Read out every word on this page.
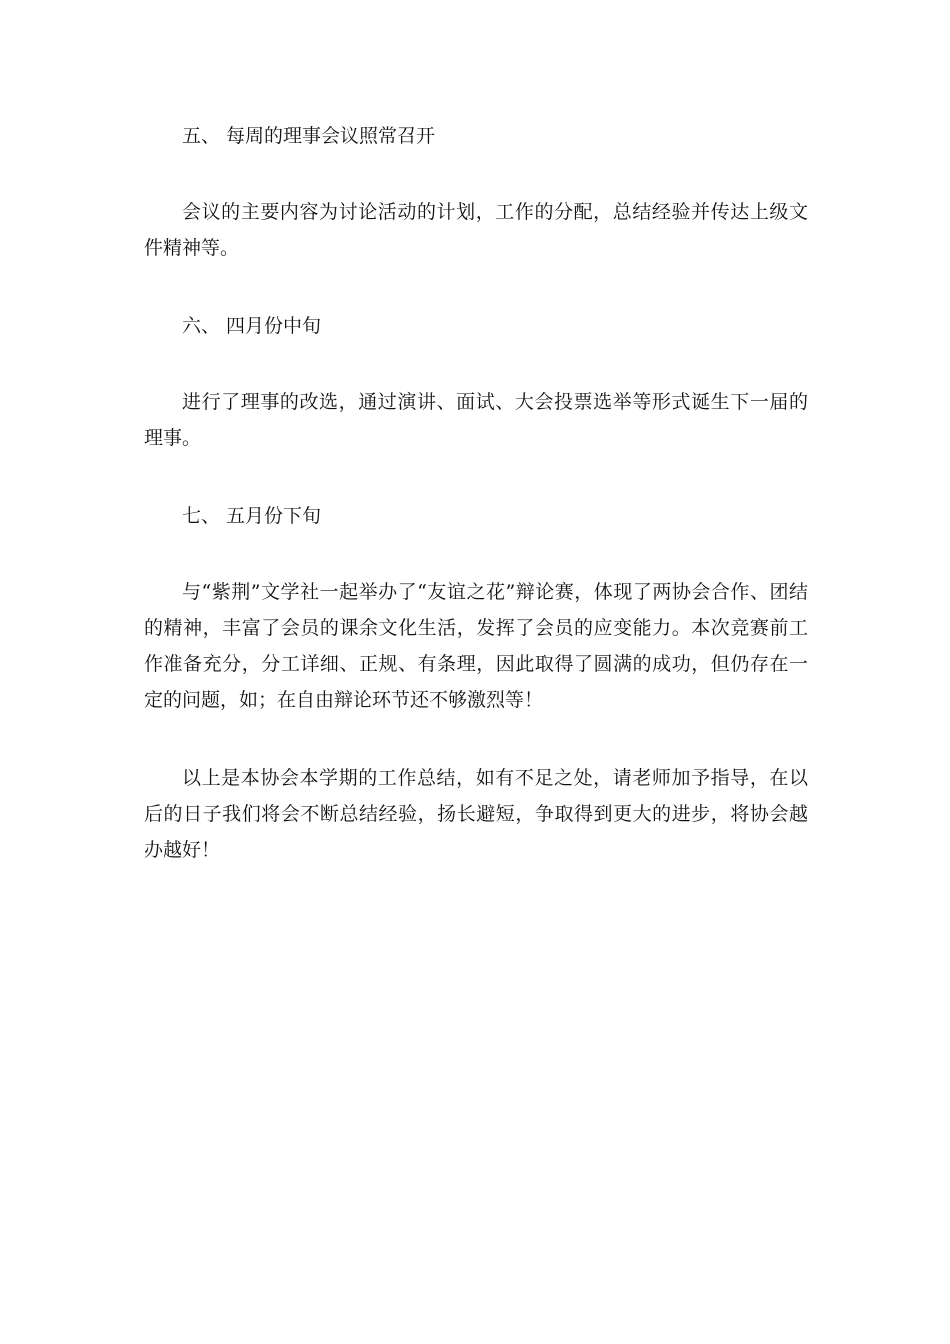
五、 每周的理事会议照常召开

会议的主要内容为讨论活动的计划，工作的分配，总结经验并传达上级文件精神等。

六、 四月份中旬

进行了理事的改选，通过演讲、面试、大会投票选举等形式诞生下一届的理事。

七、 五月份下旬

与“紫荆”文学社一起举办了“友谊之花”辩论赛，体现了两协会合作、团结的精神，丰富了会员的课余文化生活，发挥了会员的应变能力。本次竞赛前工作准备充分，分工详细、正规、有条理，因此取得了圆满的成功，但仍存在一定的问题，如；在自由辩论环节还不够激烈等！

以上是本协会本学期的工作总结，如有不足之处，请老师加予指导，在以后的日子我们将会不断总结经验，扬长避短，争取得到更大的进步，将协会越办越好！
